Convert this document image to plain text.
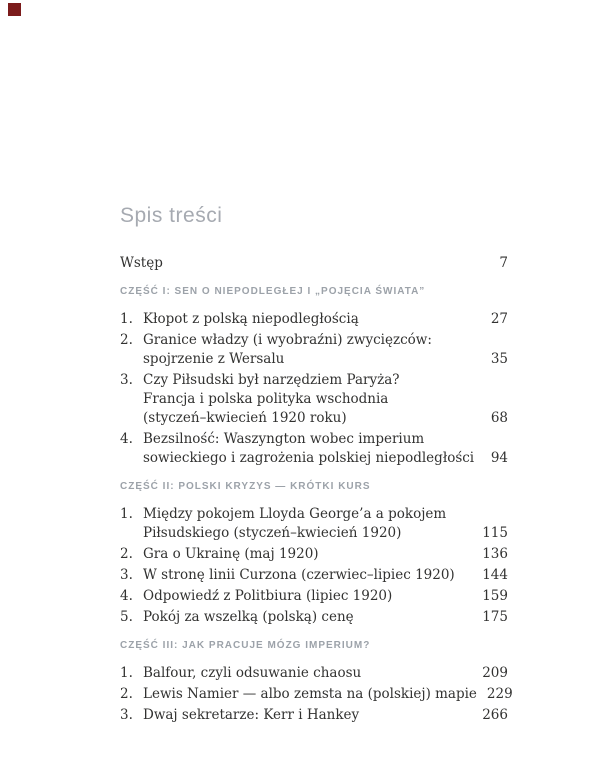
Spis treści
Wstęp	7
CZĘŚĆ I: SEN O NIEPODLEGŁEJ I „POJĘCIA ŚWIATA”
1. Kłopot z polską niepodległością	27
2. Granice władzy (i wyobraźni) zwycięzców:
spojrzenie z Wersalu	35
3. Czy Piłsudski był narzędziem Paryża?
Francja i polska polityka wschodnia
(styczeń–kwiecień 1920 roku)	68
4. Bezsilność: Waszyngton wobec imperium
sowieckiego i zagrożenia polskiej niepodległości 94
CZĘŚĆ II: POLSKI KRYZYS — KRÓTKI KURS
1. Między pokojem Lloyda George’a a pokojem
Piłsudskiego (styczeń–kwiecień 1920)	115
2. Gra o Ukrainę (maj 1920)	136
3. W stronę linii Curzona (czerwiec–lipiec 1920) 144
4. Odpowiedź z Politbiura (lipiec 1920)	159
5. Pokój za wszelką (polską) cenę	175
CZĘŚĆ III: JAK PRACUJE MÓZG IMPERIUM?
1. Balfour, czyli odsuwanie chaosu	209
2. Lewis Namier — albo zemsta na (polskiej) mapie 229
3. Dwaj sekretarze: Kerr i Hankey	266
